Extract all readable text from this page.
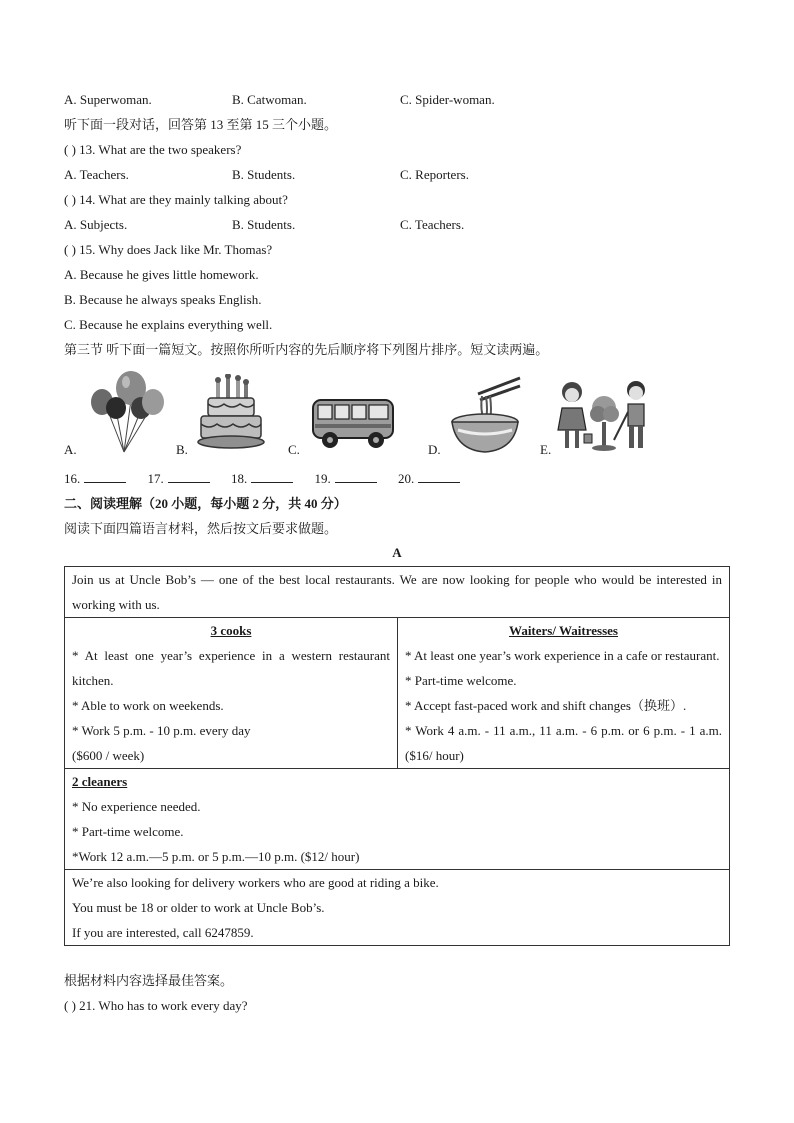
A. Superwoman.	B. Catwoman.	C. Spider-woman.
听下面一段对话，回答第 13 至第 15 三个小题。
( ) 13. What are the two speakers?
A. Teachers.	B. Students.	C. Reporters.
( ) 14. What are they mainly talking about?
A. Subjects.	B. Students.	C. Teachers.
( ) 15. Why does Jack like Mr. Thomas?
A. Because he gives little homework.
B. Because he always speaks English.
C. Because he explains everything well.
第三节 听下面一篇短文。按照你所听内容的先后顺序将下列图片排序。短文读两遍。
A.	B.	C.	D.	E.
16.	17.	18.	19.	20.
二、阅读理解（20 小题，每小题 2 分，共 40 分）
阅读下面四篇语言材料，然后按文后要求做题。
A
Join us at Uncle Bob’s — one of the best local restaurants. We are now looking for people who would be interested in working with us.
3 cooks
* At least one year’s experience in a western restaurant kitchen.
* Able to work on weekends.
* Work 5 p.m. - 10 p.m. every day
($600 / week)
Waiters/ Waitresses
* At least one year’s work experience in a cafe or restaurant.
* Part-time welcome.
* Accept fast-paced work and shift changes（换班）.
* Work 4 a.m. - 11 a.m., 11 a.m. - 6 p.m. or 6 p.m. - 1 a.m. ($16/ hour)
2 cleaners
* No experience needed.
* Part-time welcome.
*Work 12 a.m.—5 p.m. or 5 p.m.—10 p.m. ($12/ hour)
We’re also looking for delivery workers who are good at riding a bike.
You must be 18 or older to work at Uncle Bob’s.
If you are interested, call 6247859.
根据材料内容选择最佳答案。
( ) 21. Who has to work every day?
